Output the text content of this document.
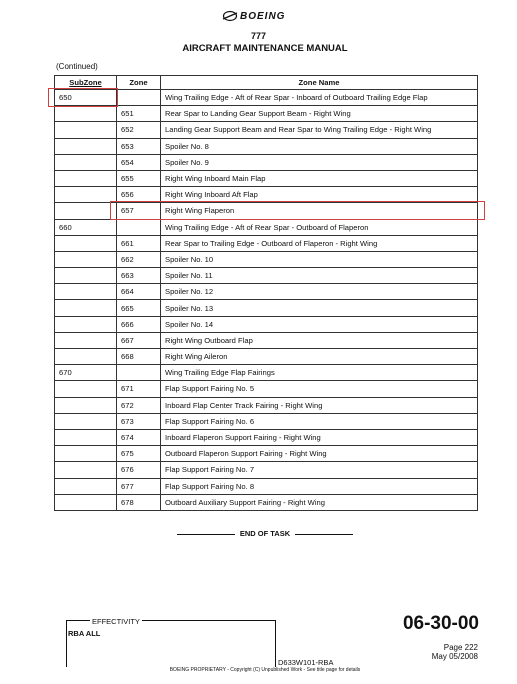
BOEING
777
AIRCRAFT MAINTENANCE MANUAL
(Continued)
SubZone	Zone	Zone Name
650		Wing Trailing Edge - Aft of Rear Spar - Inboard of Outboard Trailing Edge Flap
	651	Rear Spar to Landing Gear Support Beam - Right Wing
	652	Landing Gear Support Beam and Rear Spar to Wing Trailing Edge - Right Wing
	653	Spoiler No. 8
	654	Spoiler No. 9
	655	Right Wing Inboard Main Flap
	656	Right Wing Inboard Aft Flap
	657	Right Wing Flaperon
660		Wing Trailing Edge - Aft of Rear Spar - Outboard of Flaperon
	661	Rear Spar to Trailing Edge - Outboard of Flaperon - Right Wing
	662	Spoiler No. 10
	663	Spoiler No. 11
	664	Spoiler No. 12
	665	Spoiler No. 13
	666	Spoiler No. 14
	667	Right Wing Outboard Flap
	668	Right Wing Aileron
670		Wing Trailing Edge Flap Fairings
	671	Flap Support Fairing No. 5
	672	Inboard Flap Center Track Fairing - Right Wing
	673	Flap Support Fairing No. 6
	674	Inboard Flaperon Support Fairing - Right Wing
	675	Outboard Flaperon Support Fairing - Right Wing
	676	Flap Support Fairing No. 7
	677	Flap Support Fairing No. 8
	678	Outboard Auxiliary Support Fairing - Right Wing
END OF TASK
EFFECTIVITY
RBA ALL	06-30-00
Page 222
May 05/2008
D633W101-RBA
BOEING PROPRIETARY - Copyright (C) Unpublished Work - See title page for details
